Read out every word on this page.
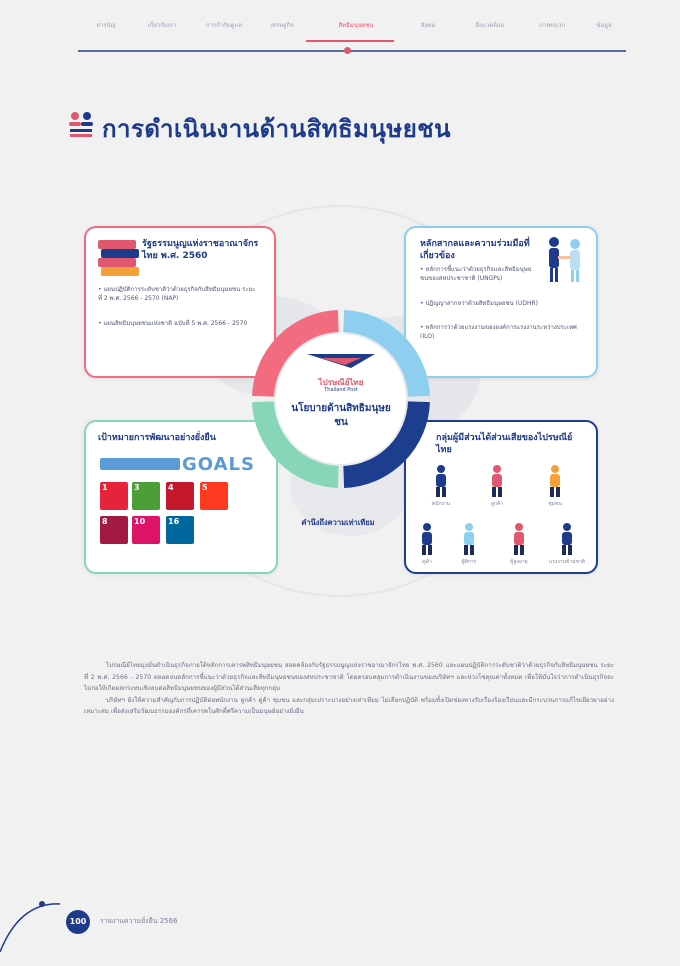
สารบัญ	เกี่ยวกับเรา	การกำกับดูแล	เศรษฐกิจ	สิทธิมนุษยชน	สังคม	สิ่งแวดล้อม	ภาคผนวก	ข้อมูล
การดำเนินงานด้านสิทธิมนุษยชน
รัฐธรรมนูญแห่งราชอาณาจักรไทย พ.ศ. 2560
• แผนปฏิบัติการระดับชาติว่าด้วยธุรกิจกับสิทธิมนุษยชน ระยะที่ 2 พ.ศ. 2566 - 2570 (NAP)
• แผนสิทธิมนุษยชนแห่งชาติ ฉบับที่ 5 พ.ศ. 2566 - 2570
หลักสากลและความร่วมมือที่เกี่ยวข้อง
• หลักการชี้แนะว่าด้วยธุรกิจและสิทธิมนุษยชนของสหประชาชาติ (UNGPs)
• ปฏิญญาสากลว่าด้วยสิทธิมนุษยชน (UDHR)
• หลักการว่าด้วยแรงงานขององค์การแรงงานระหว่างประเทศ (ILO)
เป้าหมายการพัฒนาอย่างยั่งยืน
GOALS
1	3	4	5
8	10	16
กลุ่มผู้มีส่วนได้ส่วนเสียของไปรษณีย์ไทย
พนักงาน	ลูกค้า	ชุมชน
คู่ค้า	ผู้พิการ	ผู้สูงอายุ	แรงงานข้ามชาติ
ไปรษณีย์ไทย
Thailand Post
นโยบายด้านสิทธิมนุษยชน
คำนึงถึงความเท่าเทียม

ไปรษณีย์ไทยมุ่งมั่นดำเนินธุรกิจภายใต้หลักการเคารพสิทธิมนุษยชน สอดคล้องกับรัฐธรรมนูญแห่งราชอาณาจักรไทย พ.ศ. 2560 และแผนปฏิบัติการระดับชาติว่าด้วยธุรกิจกับสิทธิมนุษยชน ระยะที่ 2 พ.ศ. 2566 - 2570 ตลอดจนหลักการชี้แนะว่าด้วยธุรกิจและสิทธิมนุษยชนของสหประชาชาติ โดยครอบคลุมการดำเนินงานของบริษัทฯ และห่วงโซ่คุณค่าทั้งหมด เพื่อให้มั่นใจว่าการดำเนินธุรกิจจะไม่ก่อให้เกิดผลกระทบเชิงลบต่อสิทธิมนุษยชนของผู้มีส่วนได้ส่วนเสียทุกกลุ่ม

บริษัทฯ ยังให้ความสำคัญกับการปฏิบัติต่อพนักงาน ลูกค้า คู่ค้า ชุมชน และกลุ่มเปราะบางอย่างเท่าเทียม ไม่เลือกปฏิบัติ พร้อมทั้งเปิดช่องทางรับเรื่องร้องเรียนและมีกระบวนการแก้ไขเยียวยาอย่างเหมาะสม เพื่อส่งเสริมวัฒนธรรมองค์กรที่เคารพในศักดิ์ศรีความเป็นมนุษย์อย่างยั่งยืน

100	รายงานความยั่งยืน 2566
